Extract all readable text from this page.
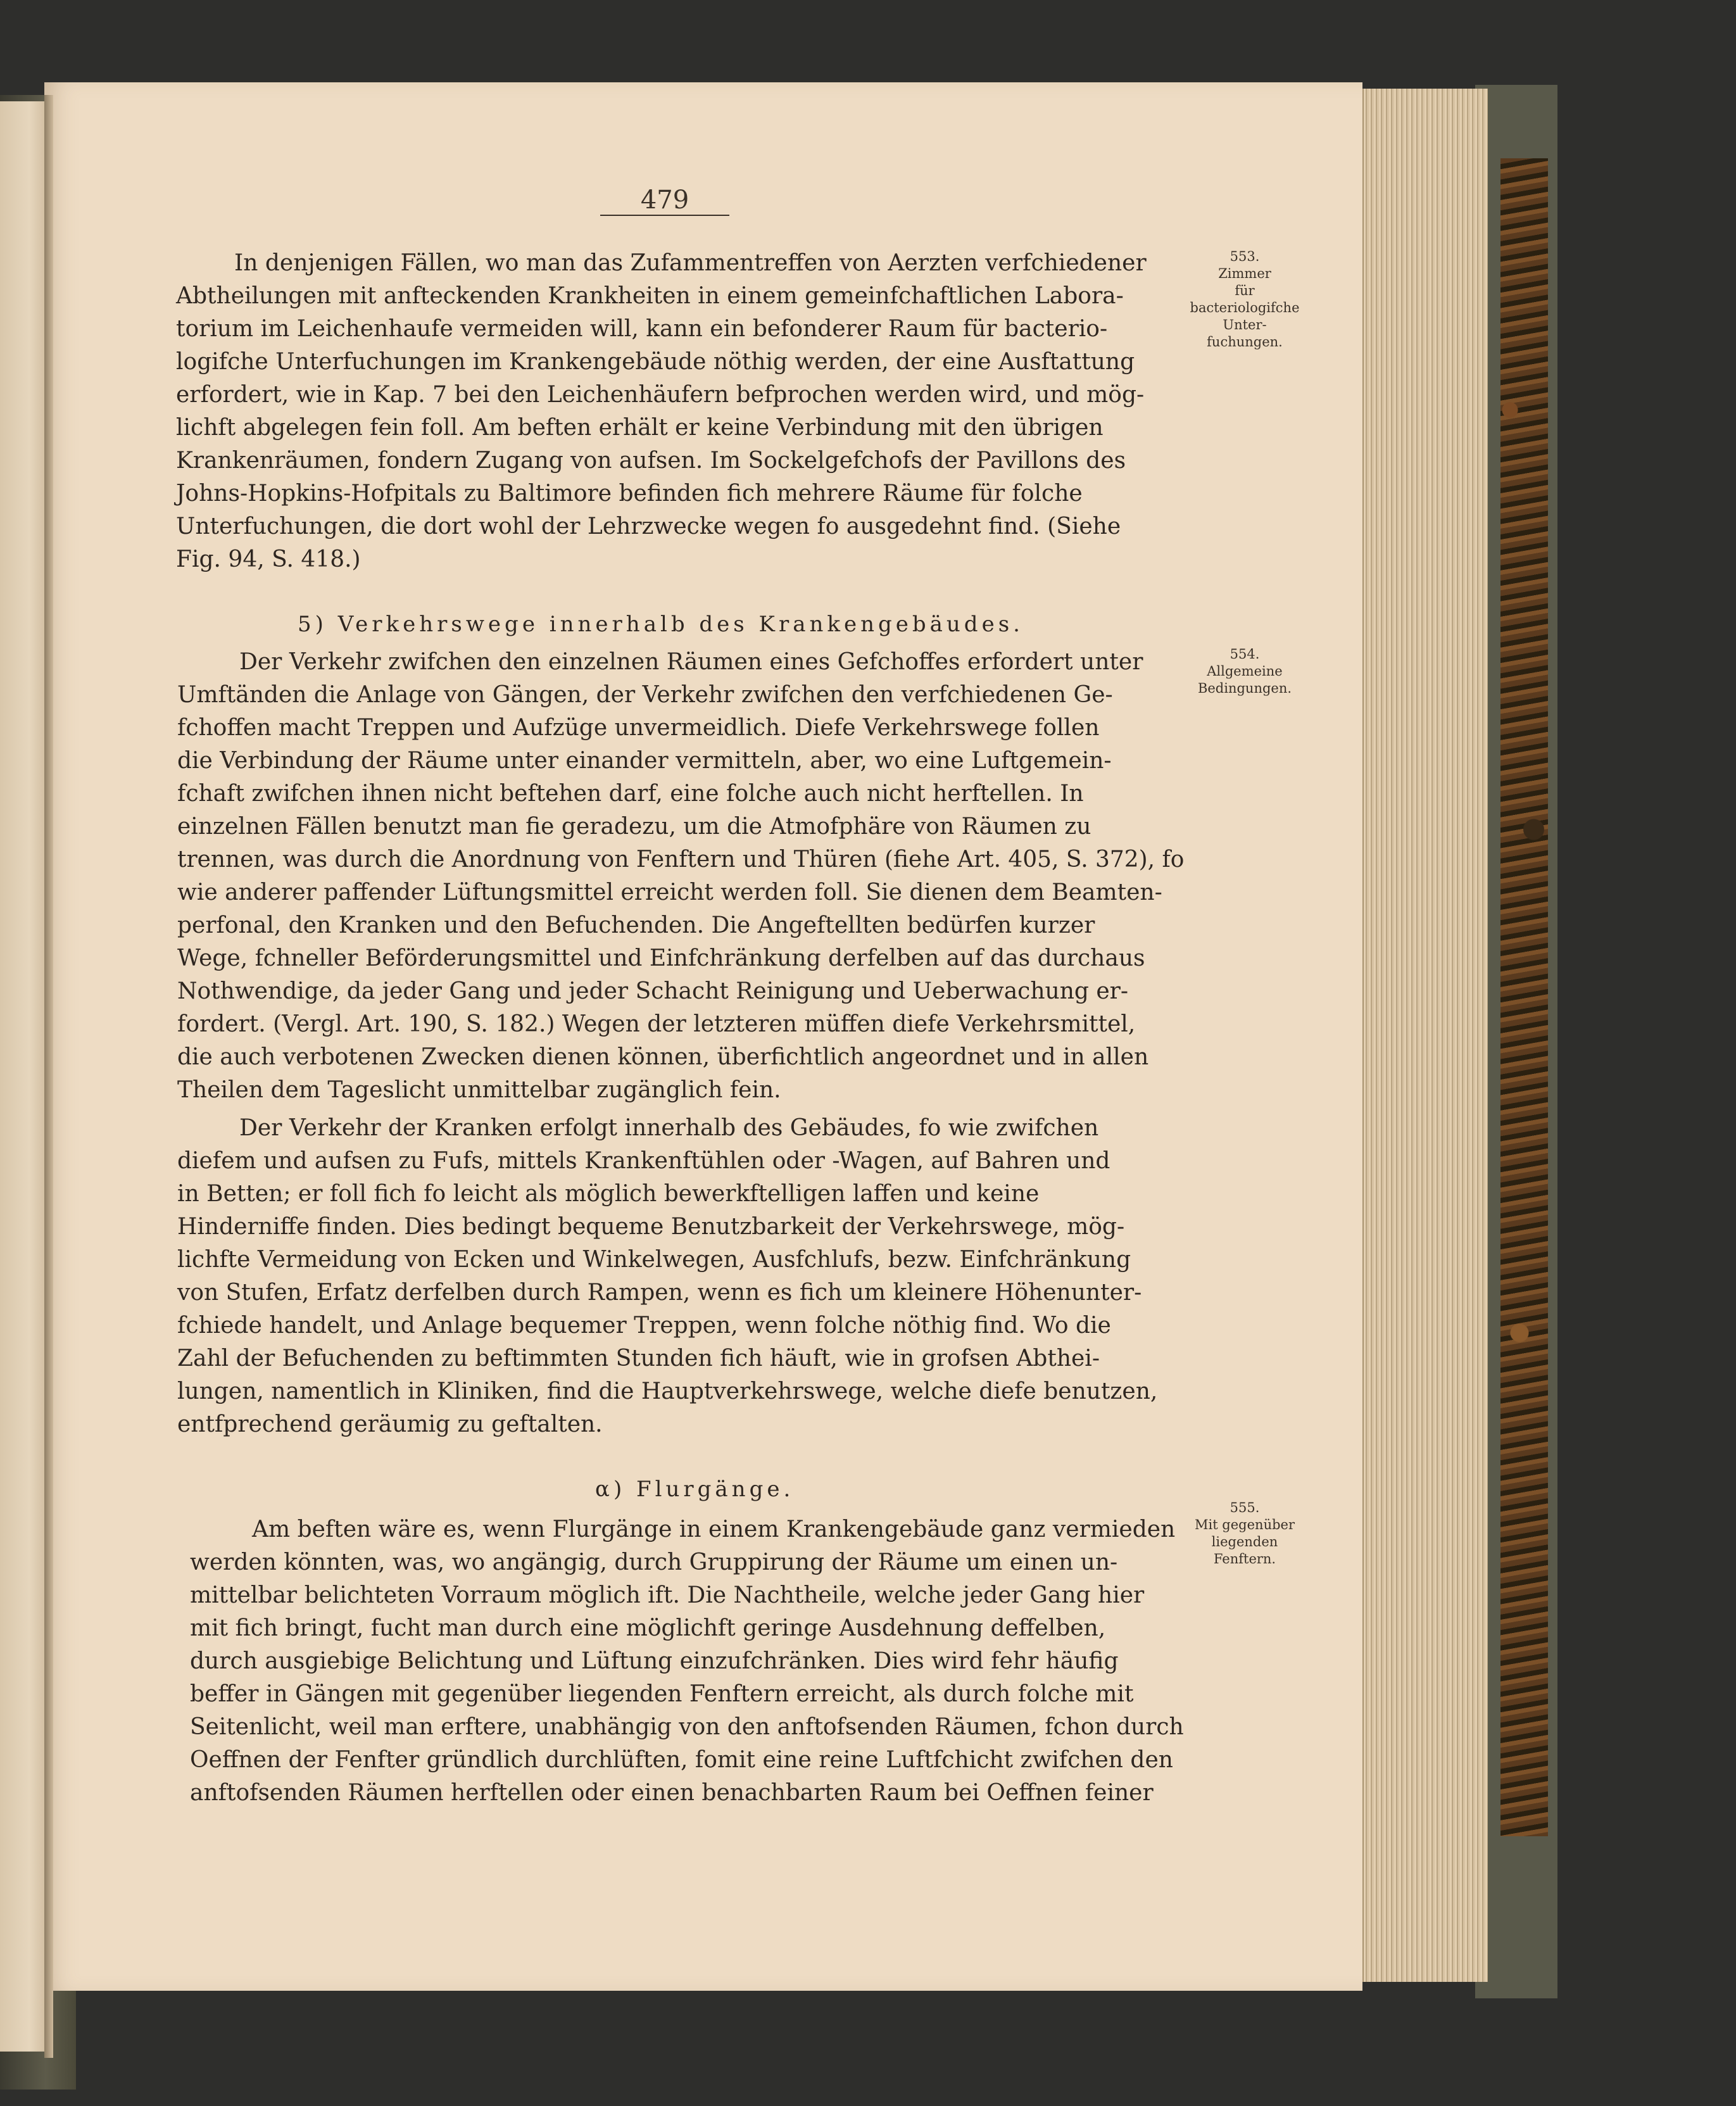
479
553.
Zimmer
für
bacteriologifche
Unter-
fuchungen.
554.
Allgemeine
Bedingungen.
555.
Mit gegenüber
liegenden
Fenftern.

In denjenigen Fällen, wo man das Zufammentreffen von Aerzten verfchiedener

Abtheilungen mit anfteckenden Krankheiten in einem gemeinfchaftlichen Labora-

torium im Leichenhaufe vermeiden will, kann ein befonderer Raum für bacterio-

logifche Unterfuchungen im Krankengebäude nöthig werden, der eine Ausftattung

erfordert, wie in Kap. 7 bei den Leichenhäufern befprochen werden wird, und mög-

lichft abgelegen fein foll. Am beften erhält er keine Verbindung mit den übrigen

Krankenräumen, fondern Zugang von aufsen. Im Sockelgefchofs der Pavillons des

Johns-Hopkins-Hofpitals zu Baltimore befinden fich mehrere Räume für folche

Unterfuchungen, die dort wohl der Lehrzwecke wegen fo ausgedehnt find. (Siehe

Fig. 94, S. 418.)

5) Verkehrswege innerhalb des Krankengebäudes.

Der Verkehr zwifchen den einzelnen Räumen eines Gefchoffes erfordert unter

Umftänden die Anlage von Gängen, der Verkehr zwifchen den verfchiedenen Ge-

fchoffen macht Treppen und Aufzüge unvermeidlich. Diefe Verkehrswege follen

die Verbindung der Räume unter einander vermitteln, aber, wo eine Luftgemein-

fchaft zwifchen ihnen nicht beftehen darf, eine folche auch nicht herftellen. In

einzelnen Fällen benutzt man fie geradezu, um die Atmofphäre von Räumen zu

trennen, was durch die Anordnung von Fenftern und Thüren (fiehe Art. 405, S. 372), fo

wie anderer paffender Lüftungsmittel erreicht werden foll. Sie dienen dem Beamten-

perfonal, den Kranken und den Befuchenden. Die Angeftellten bedürfen kurzer

Wege, fchneller Beförderungsmittel und Einfchränkung derfelben auf das durchaus

Nothwendige, da jeder Gang und jeder Schacht Reinigung und Ueberwachung er-

fordert. (Vergl. Art. 190, S. 182.) Wegen der letzteren müffen diefe Verkehrsmittel,

die auch verbotenen Zwecken dienen können, überfichtlich angeordnet und in allen

Theilen dem Tageslicht unmittelbar zugänglich fein.

Der Verkehr der Kranken erfolgt innerhalb des Gebäudes, fo wie zwifchen

diefem und aufsen zu Fufs, mittels Krankenftühlen oder -Wagen, auf Bahren und

in Betten; er foll fich fo leicht als möglich bewerkftelligen laffen und keine

Hinderniffe finden. Dies bedingt bequeme Benutzbarkeit der Verkehrswege, mög-

lichfte Vermeidung von Ecken und Winkelwegen, Ausfchlufs, bezw. Einfchränkung

von Stufen, Erfatz derfelben durch Rampen, wenn es fich um kleinere Höhenunter-

fchiede handelt, und Anlage bequemer Treppen, wenn folche nöthig find. Wo die

Zahl der Befuchenden zu beftimmten Stunden fich häuft, wie in grofsen Abthei-

lungen, namentlich in Kliniken, find die Hauptverkehrswege, welche diefe benutzen,

entfprechend geräumig zu geftalten.

α) Flurgänge.

Am beften wäre es, wenn Flurgänge in einem Krankengebäude ganz vermieden

werden könnten, was, wo angängig, durch Gruppirung der Räume um einen un-

mittelbar belichteten Vorraum möglich ift. Die Nachtheile, welche jeder Gang hier

mit fich bringt, fucht man durch eine möglichft geringe Ausdehnung deffelben,

durch ausgiebige Belichtung und Lüftung einzufchränken. Dies wird fehr häufig

beffer in Gängen mit gegenüber liegenden Fenftern erreicht, als durch folche mit

Seitenlicht, weil man erftere, unabhängig von den anftofsenden Räumen, fchon durch

Oeffnen der Fenfter gründlich durchlüften, fomit eine reine Luftfchicht zwifchen den

anftofsenden Räumen herftellen oder einen benachbarten Raum bei Oeffnen feiner
